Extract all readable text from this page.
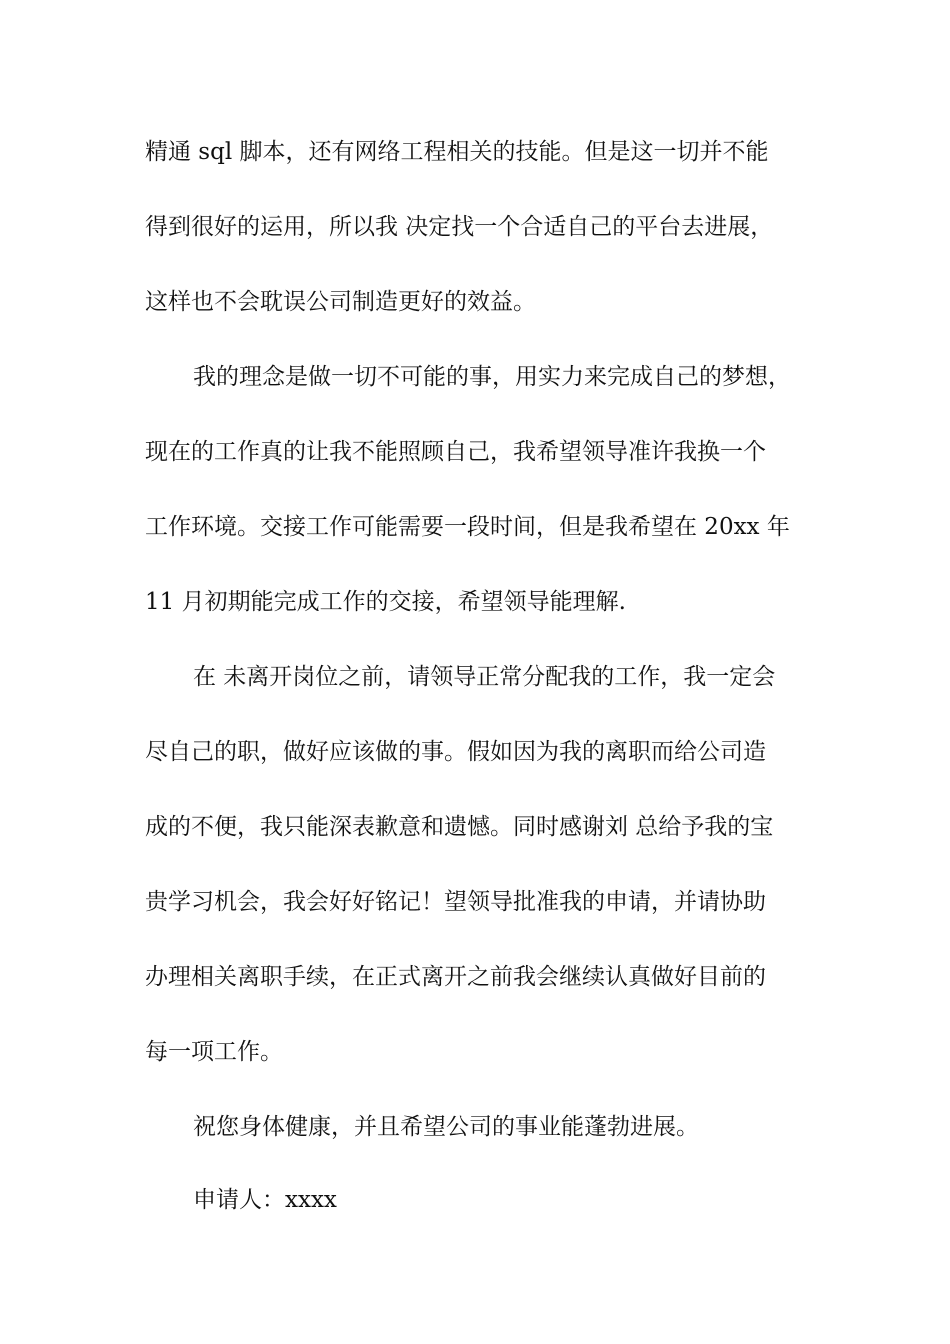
精通 sql 脚本，还有网络工程相关的技能。但是这一切并不能
得到很好的运用，所以我 决定找一个合适自己的平台去进展，
这样也不会耽误公司制造更好的效益。
我的理念是做一切不可能的事，用实力来完成自己的梦想，
现在的工作真的让我不能照顾自己，我希望领导准许我换一个
工作环境。交接工作可能需要一段时间，但是我希望在 20xx 年
11 月初期能完成工作的交接，希望领导能理解.
在 未离开岗位之前，请领导正常分配我的工作，我一定会
尽自己的职，做好应该做的事。假如因为我的离职而给公司造
成的不便，我只能深表歉意和遗憾。同时感谢刘 总给予我的宝
贵学习机会，我会好好铭记！望领导批准我的申请，并请协助
办理相关离职手续，在正式离开之前我会继续认真做好目前的
每一项工作。
祝您身体健康，并且希望公司的事业能蓬勃进展。
申请人：xxxx
